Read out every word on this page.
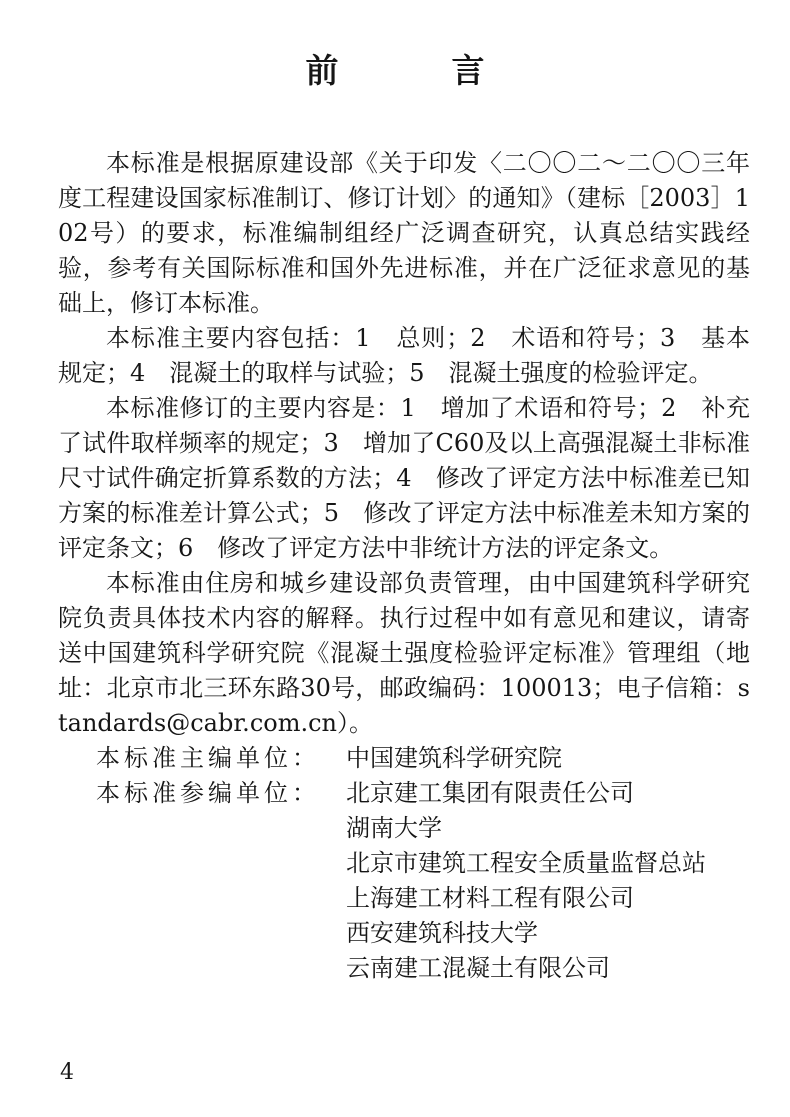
前　言

本标准是根据原建设部《关于印发〈二〇〇二～二〇〇三年度工程建设国家标准制订、修订计划〉的通知》（建标［2003］102号）的要求，标准编制组经广泛调查研究，认真总结实践经验，参考有关国际标准和国外先进标准，并在广泛征求意见的基础上，修订本标准。

本标准主要内容包括：1　总则；2　术语和符号；3　基本规定；4　混凝土的取样与试验；5　混凝土强度的检验评定。

本标准修订的主要内容是：1　增加了术语和符号；2　补充了试件取样频率的规定；3　增加了C60及以上高强混凝土非标准尺寸试件确定折算系数的方法；4　修改了评定方法中标准差已知方案的标准差计算公式；5　修改了评定方法中标准差未知方案的评定条文；6　修改了评定方法中非统计方法的评定条文。

本标准由住房和城乡建设部负责管理，由中国建筑科学研究院负责具体技术内容的解释。执行过程中如有意见和建议，请寄送中国建筑科学研究院《混凝土强度检验评定标准》管理组（地址：北京市北三环东路30号，邮政编码：100013；电子信箱：standards@cabr.com.cn）。

本标准主编单位：	中国建筑科学研究院
本标准参编单位：	北京建工集团有限责任公司
湖南大学
北京市建筑工程安全质量监督总站
上海建工材料工程有限公司
西安建筑科技大学
云南建工混凝土有限公司
4
